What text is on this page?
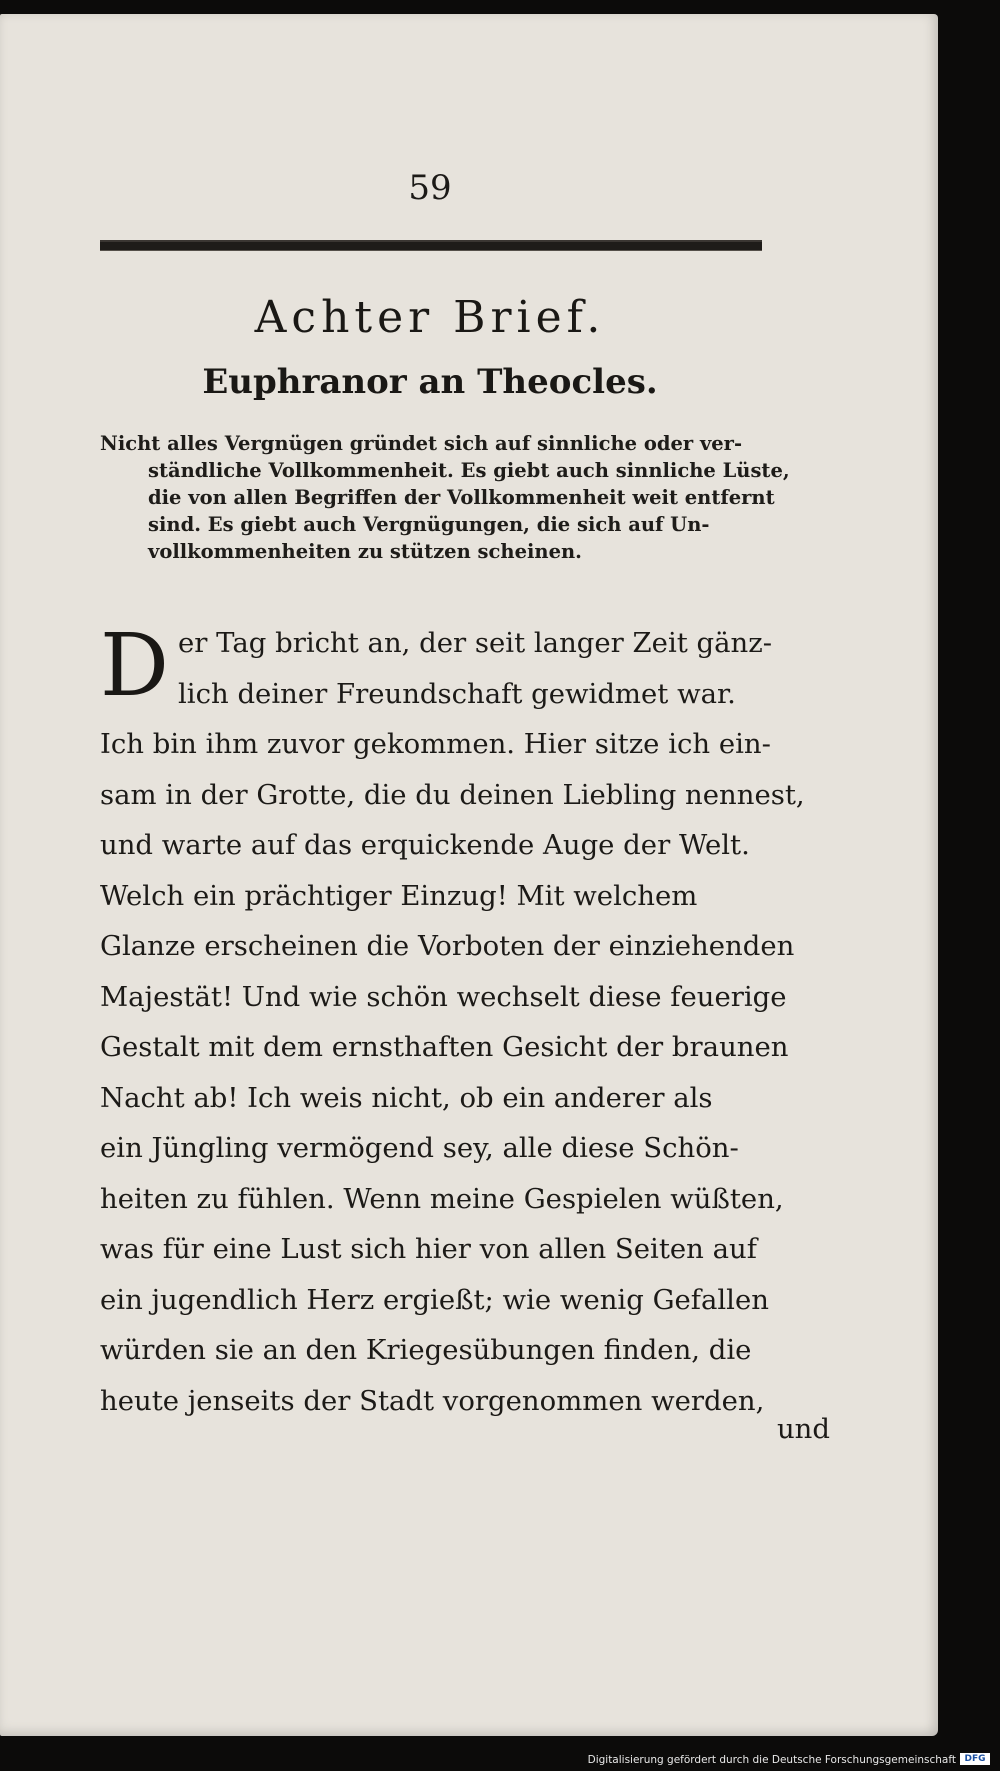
59
Achter Brief.
Euphranor an Theocles.
Nicht alles Vergnügen gründet sich auf sinnliche oder ver-
ständliche Vollkommenheit. Es giebt auch sinnliche Lüste,
die von allen Begriffen der Vollkommenheit weit entfernt
sind. Es giebt auch Vergnügungen, die sich auf Un-
vollkommenheiten zu stützen scheinen.
D er Tag bricht an, der seit langer Zeit gänz-
lich deiner Freundschaft gewidmet war.
Ich bin ihm zuvor gekommen. Hier sitze ich ein-
sam in der Grotte, die du deinen Liebling nennest,
und warte auf das erquickende Auge der Welt.
Welch ein prächtiger Einzug! Mit welchem
Glanze erscheinen die Vorboten der einziehenden
Majestät! Und wie schön wechselt diese feuerige
Gestalt mit dem ernsthaften Gesicht der braunen
Nacht ab! Ich weis nicht, ob ein anderer als
ein Jüngling vermögend sey, alle diese Schön-
heiten zu fühlen. Wenn meine Gespielen wüßten,
was für eine Lust sich hier von allen Seiten auf
ein jugendlich Herz ergießt; wie wenig Gefallen
würden sie an den Kriegesübungen finden, die
heute jenseits der Stadt vorgenommen werden,
und
Digitalisierung gefördert durch die Deutsche Forschungsgemeinschaft DFG
